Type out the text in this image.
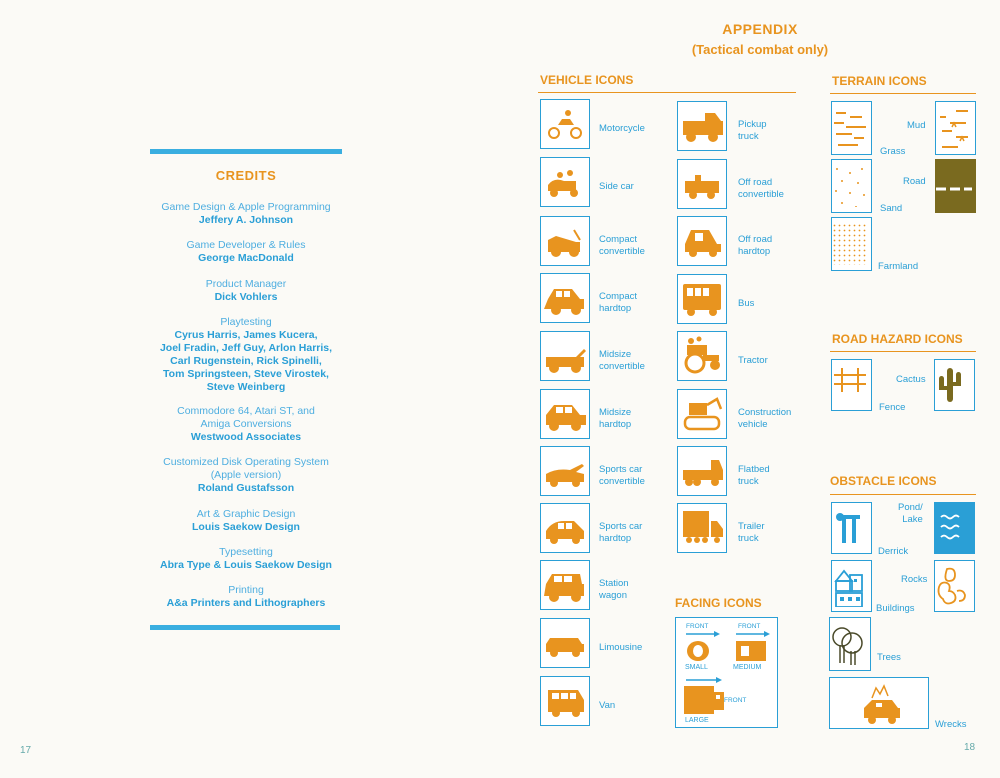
CREDITS
Game Design & Apple Programming
Jeffery A. Johnson
Game Developer & Rules
George MacDonald
Product Manager
Dick Vohlers
Playtesting
Cyrus Harris, James Kucera,
Joel Fradin, Jeff Guy, Arlon Harris,
Carl Rugenstein, Rick Spinelli,
Tom Springsteen, Steve Virostek,
Steve Weinberg
Commodore 64, Atari ST, and
Amiga Conversions
Westwood Associates
Customized Disk Operating System
(Apple version)
Roland Gustafsson
Art & Graphic Design
Louis Saekow Design
Typesetting
Abra Type & Louis Saekow Design
Printing
A&a Printers and Lithographers
17
APPENDIX
(Tactical combat only)
VEHICLE ICONS
Motorcycle
Side car
Compact
convertible
Compact
hardtop
Midsize
convertible
Midsize
hardtop
Sports car
convertible
Sports car
hardtop
Station
wagon
Limousine
Van
Pickup
truck
Off road
convertible
Off road
hardtop
Bus
Tractor
Construction
vehicle
Flatbed
truck
Trailer
truck
FACING ICONS
FRONT	FRONT
SMALL	MEDIUM
FRONT
LARGE
TERRAIN ICONS
Grass
Mud
Road
Sand
Farmland
ROAD HAZARD ICONS
Cactus
Fence
OBSTACLE ICONS
Pond/
Lake
Derrick
Rocks
Buildings
Trees
Wrecks
18
